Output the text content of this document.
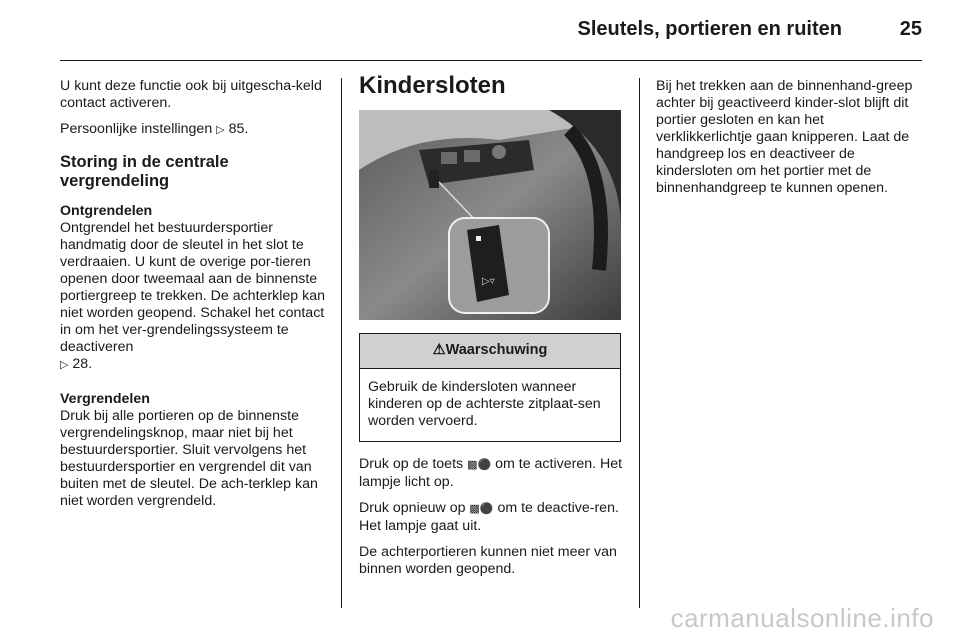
Sleutels, portieren en ruiten	25

U kunt deze functie ook bij uitgescha-keld contact activeren.

Persoonlijke instellingen ▷ 85.

Storing in de centrale vergrendeling
Ontgrendelen

Ontgrendel het bestuurdersportier handmatig door de sleutel in het slot te verdraaien. U kunt de overige por-tieren openen door tweemaal aan de binnenste portiergreep te trekken. De achterklep kan niet worden geopend. Schakel het contact in om het ver-grendelingssysteem te deactiveren
▷ 28.

Vergrendelen

Druk bij alle portieren op de binnenste vergrendelingsknop, maar niet bij het bestuurdersportier. Sluit vervolgens het bestuurdersportier en vergrendel dit van buiten met de sleutel. De ach-terklep kan niet worden vergrendeld.

Kindersloten
▷▿
⚠Waarschuwing
Gebruik de kindersloten wanneer kinderen op de achterste zitplaat-sen worden vervoerd.

Druk op de toets ▩⚫ om te activeren. Het lampje licht op.

Druk opnieuw op ▩⚫ om te deactive-ren. Het lampje gaat uit.

De achterportieren kunnen niet meer van binnen worden geopend.

Bij het trekken aan de binnenhand-greep achter bij geactiveerd kinder-slot blijft dit portier gesloten en kan het verklikkerlichtje gaan knipperen. Laat de handgreep los en deactiveer de kindersloten om het portier met de binnenhandgreep te kunnen openen.

carmanualsonline.info
